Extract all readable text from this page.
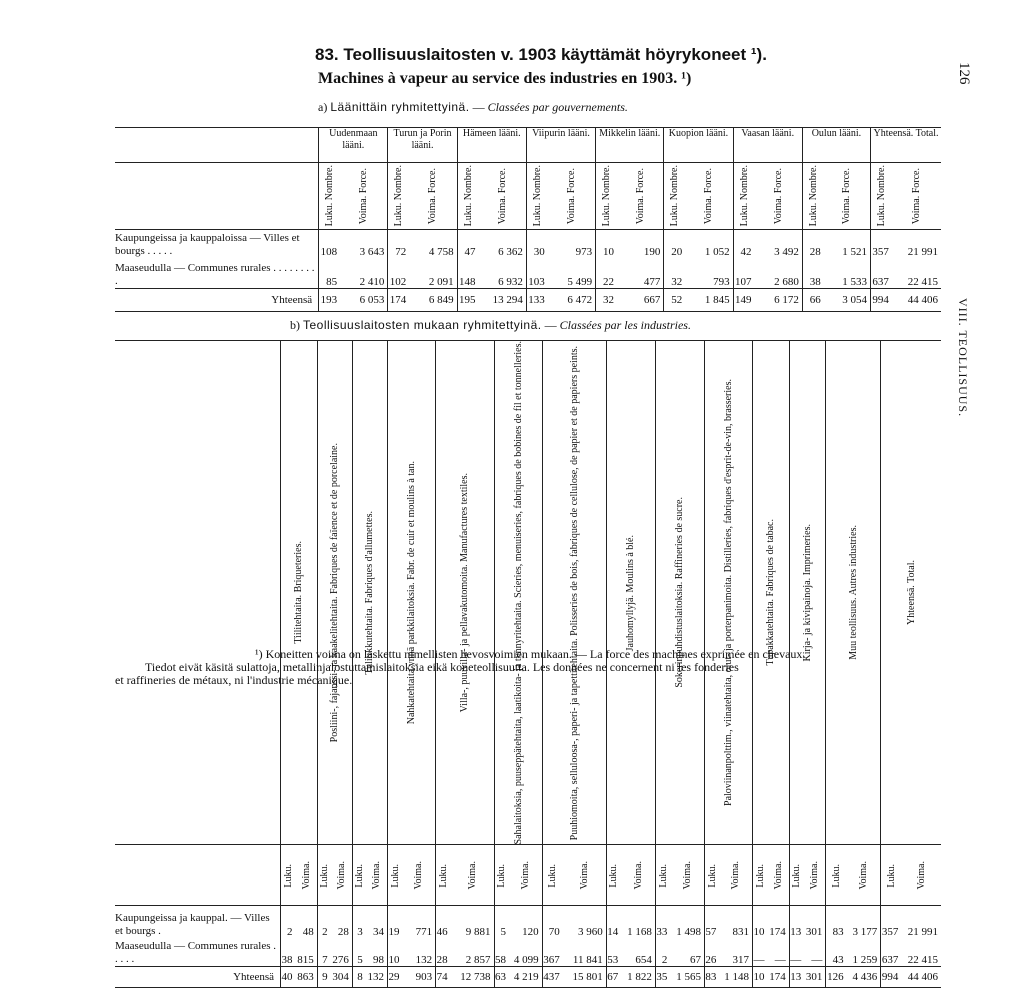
83. Teollisuuslaitosten v. 1903 käyttämät höyrykoneet ¹).
Machines à vapeur au service des industries en 1903. ¹)	126
VIII. TEOLLISUUS.
a) Läänittäin ryhmitettyinä. — Classées par gouvernements.

	Uudenmaan lääni.		Turun ja Porin lääni.		Hämeen lääni.		Viipurin lääni.		Mikkelin lääni.		Kuopion lääni.		Vaasan lääni.		Oulun lääni.		Yhteensä. Total.	

	Luku. Nombre.	Voima. Force.	Luku. Nombre.	Voima. Force.	Luku. Nombre.	Voima. Force.	Luku. Nombre.	Voima. Force.	Luku. Nombre.	Voima. Force.	Luku. Nombre.	Voima. Force.	Luku. Nombre.	Voima. Force.	Luku. Nombre.	Voima. Force.	Luku. Nombre.	Voima. Force.

Kaupungeissa ja kauppaloissa — Villes et bourgs . . . . .	108	3 643	72	4 758	47	6 362	30	973	10	190	20	1 052	42	3 492	28	1 521	357	21 991
Maaseudulla — Communes rurales . . . . . . . . .	85	2 410	102	2 091	148	6 932	103	5 499	22	477	32	793	107	2 680	38	1 533	637	22 415
Yhteensä	193	6 053	174	6 849	195	13 294	133	6 472	32	667	52	1 845	149	6 172	66	3 054	994	44 406
b) Teollisuuslaitosten mukaan ryhmitettyinä. — Classées par les industries.

	Tiilitehtaita. Briqueteries.		Posliini-, fajanssi- ja kaakelitehtaita. Fabriques de faïence et de porcelaine.		Tulitikkutehtaita. Fabriques d'allumettes.		Nahkatehtaita ynnä parkkilaitoksia. Fabr. de cuir et moulins à tan.		Villa-, puuvilla- ja pellavakutomoita. Manufactures textiles.		Sahalaitoksia, puuseppätehtaita, laatikoita- ja tynnyritehtaita. Scieries, menuiseries, fabriques de bobines de fil et tonnelleries.		Puuhiomoita, selluloosa-, paperi- ja tapettitehtaita. Polisseries de bois, fabriques de cellulose, de papier et de papiers peints.		Jauhomyllyjä. Moulins à blé.		Sokerinpuhdistuslaitoksia. Raffineries de sucre.		Paloviinanpolttim., viinatehtaita, olut- ja porterpanimoita. Distilleries, fabriques d'esprit-de-vin, brasseries.		Tupakkatehtaita. Fabriques de tabac.		Kirja- ja kivipainoja. Imprimeries.		Muu teollisuus. Autres industries.		Yhteensä. Total.	

	Luku.	Voima.	Luku.	Voima.	Luku.	Voima.	Luku.	Voima.	Luku.	Voima.	Luku.	Voima.	Luku.	Voima.	Luku.	Voima.	Luku.	Voima.	Luku.	Voima.	Luku.	Voima.	Luku.	Voima.	Luku.	Voima.	Luku.	Voima.

Kaupungeissa ja kauppal. — Villes et bourgs .	2	48	2	28	3	34	19	771	46	9 881	5	120	70	3 960	14	1 168	33	1 498	57	831	10	174	13	301	83	3 177	357	21 991
Maaseudulla — Communes rurales . . . . .	38	815	7	276	5	98	10	132	28	2 857	58	4 099	367	11 841	53	654	2	67	26	317	—	—	—	—	43	1 259	637	22 415
Yhteensä	40	863	9	304	8	132	29	903	74	12 738	63	4 219	437	15 801	67	1 822	35	1 565	83	1 148	10	174	13	301	126	4 436	994	44 406
¹) Koneitten voima on laskettu nimellisten hevosvoimien mukaan. — La force des machines exprimée en chevaux.
Tiedot eivät käsitä sulattoja, metallinjalostuttamislaitoksia eikä koneteollisuutta. Les données ne concernent ni les fonderies
et raffineries de métaux, ni l'industrie mécanique.
